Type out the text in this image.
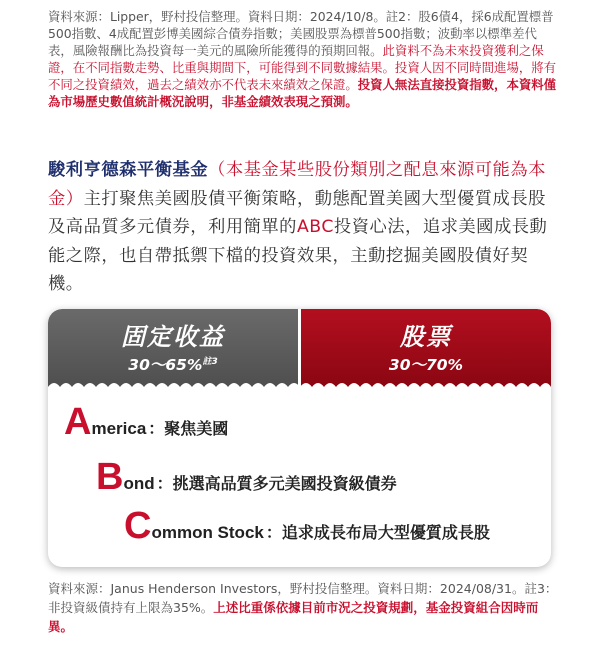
資料來源：Lipper，野村投信整理。資料日期：2024/10/8。註2：股6債4，採6成配置標普500指數、4成配置彭博美國綜合債券指數；美國股票為標普500指數；波動率以標準差代表，風險報酬比為投資每一美元的風險所能獲得的預期回報。此資料不為未來投資獲利之保證，在不同指數走勢、比重與期間下，可能得到不同數據結果。投資人因不同時間進場，將有不同之投資績效，過去之績效亦不代表未來績效之保證。投資人無法直接投資指數，本資料僅為市場歷史數值統計概況說明，非基金績效表現之預測。

駿利亨德森平衡基金（本基金某些股份類別之配息來源可能為本金）主打聚焦美國股債平衡策略，動態配置美國大型優質成長股及高品質多元債券，利用簡單的ABC投資心法，追求美國成長動能之際，也自帶抵禦下檔的投資效果，主動挖掘美國股債好契機。

固定收益
30～65%$^{註3}$
股票
30～70%
A merica ：聚焦美國
B ond ：挑選高品質多元美國投資級債券
C ommon Stock ：追求成長布局大型優質成長股

資料來源：Janus Henderson Investors，野村投信整理。資料日期：2024/08/31。註3：非投資級債持有上限為35%。上述比重係依據目前市況之投資規劃，基金投資組合因時而異。
